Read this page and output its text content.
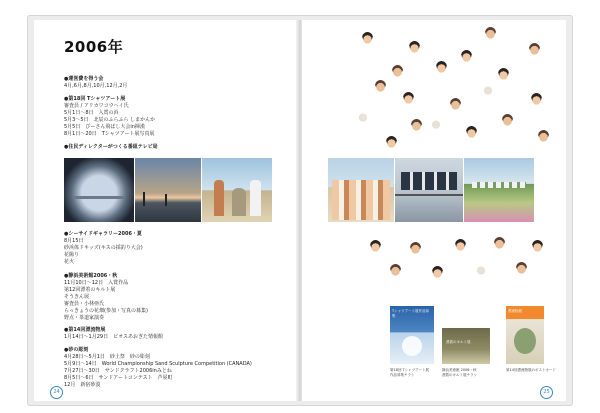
2006年
●運営費を得う会
4月,6月,8月,10月,12月,2月
●第18回 Tシャツアート展
審査員 / アリカワコウヘイ氏
5月1日～8日　入賞の浜
5月3～5日　北辰のふらふら しまかんか
5月5日　びーさん飛ばし大会in揮漢
8月1日～20日　Tシャツアート展写真展
●住民ディレクターがつくる番組テレビ局
●シーサイドギャラリー2006・夏
8月15日
砂浜体ドキッズ(キスの採釣り大会)
花陽り
花火
●静浜美術館2006・秋
11月10日～12日　入賞作品
第12回漂着のキルト展
そうきん展
審査員・小林亜氏
らっきょうの花畑(参加・写真の募集)
野点・茶道家演奏
●第14回漂流物展
1月14日～1月29日　ビオスあおぎた情報館
●砂の彫刻
4月28日～5月1日　砂上祭　砂の彫刻
5月9日～14日　World Championship Sand Sculpture Competition (CANADA)
7月27日～30日　サンドクラフト2006inみとね
8月5日～6日　サンドアートコンテスト　芦屋町
12月　新宿砂漠
24
Tシャツアート展作品募集
第18回 Tシャツアート展
作品募集チラシ
漂着のキルト展
静浜美術館 2006・秋
漂着のキルト展チラシ
漂流物展
第14回漂流物展のポストカード
25
